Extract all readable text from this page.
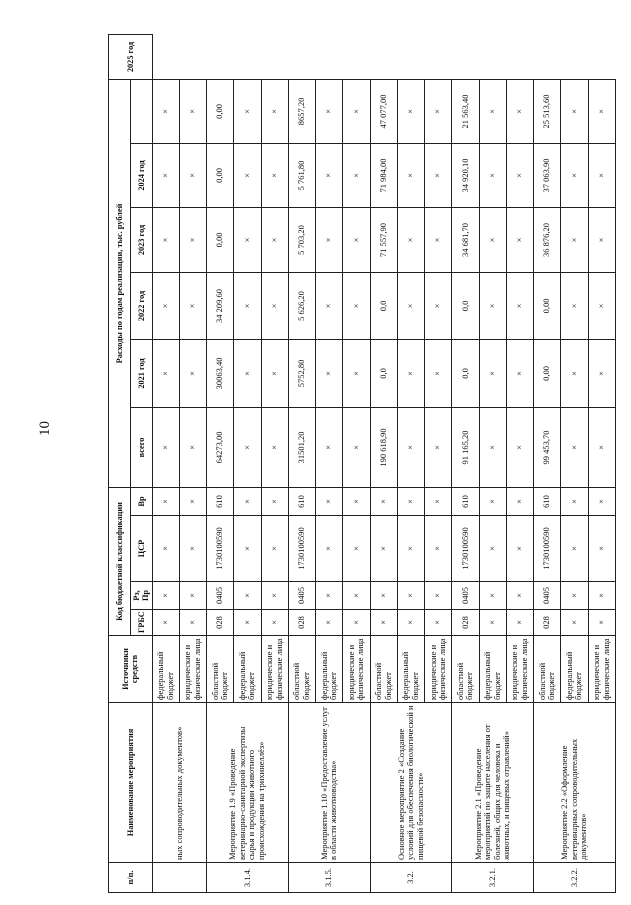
10
п/п.	Наименование мероприятия	Источники средств	Код бюджетной классификации				Расходы по годам реализации, тыс. рублей						2025 год
			ГРБС	Рз, Пр	ЦСР	Вр	всего	2021 год	2022 год	2023 год	2024 год		
	ных сопроводительных документов»	федеральный бюджет	×	×	×	×	×	×	×	×	×	×	
		юридические и физические лица	×	×	×	×	×	×	×	×	×	×	
3.1.4.	Мероприятие 1.9 «Проведение ветеринарно-санитарной экспертизы сырья и продукции животного происхождения на трихинеллёз»	областной бюджет	028	0405	1730100590	610	64273,00	30063,40	34 209,60	0,00	0,00	0,00	
		федеральный бюджет	×	×	×	×	×	×	×	×	×	×	
		юридические и физические лица	×	×	×	×	×	×	×	×	×	×	
3.1.5.	Мероприятие 1.10 «Предоставление услуг в области животноводства»	областной бюджет	028	0405	1730100590	610	31501,20	5752,80	5 626,20	5 703,20	5 761,80	8657,20	
		федеральный бюджет	×	×	×	×	×	×	×	×	×	×	
		юридические и физические лица	×	×	×	×	×	×	×	×	×	×	
3.2.	Основное мероприятие 2 «Создание условий для обеспечения биологической и пищевой безопасности»	областной бюджет	×	×	×	×	190 618,90	0,0	0,0	71 557,90	71 984,00	47 077,00	
		федеральный бюджет	×	×	×	×	×	×	×	×	×	×	
		юридические и физические лица	×	×	×	×	×	×	×	×	×	×	
3.2.1.	Мероприятие 2.1 «Проведение мероприятий по защите населения от болезней, общих для человека и животных, и пищевых отравлений»	областной бюджет	028	0405	1730100590	610	91 165,20	0,0	0,0	34 681,70	34 920,10	21 563,40	
		федеральный бюджет	×	×	×	×	×	×	×	×	×	×	
		юридические и физические лица	×	×	×	×	×	×	×	×	×	×	
3.2.2.	Мероприятие 2.2 «Оформление ветеринарных сопроводительных документов»	областной бюджет	028	0405	1730100590	610	99 453,70	0,00	0,00	36 876,20	37 063,90	25 513,60	
		федеральный бюджет	×	×	×	×	×	×	×	×	×	×	
		юридические и физические лица	×	×	×	×	×	×	×	×	×	×	
